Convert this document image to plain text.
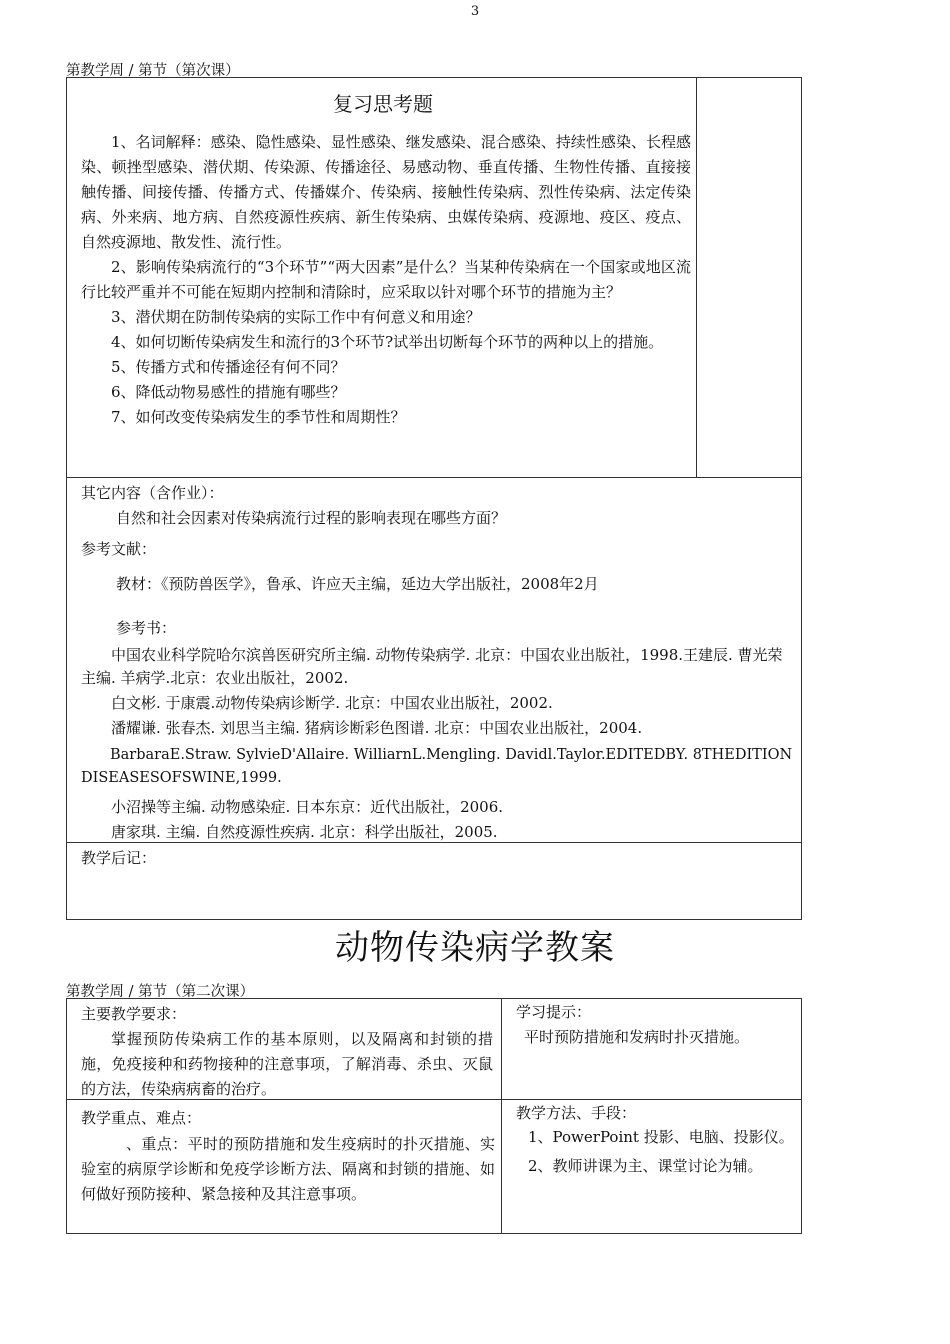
3
第教学周 / 第节（第次课）
复习思考题
1、名词解释：感染、隐性感染、显性感染、继发感染、混合感染、持续性感染、长程感染、顿挫型感染、潜伏期、传染源、传播途径、易感动物、垂直传播、生物性传播、直接接触传播、间接传播、传播方式、传播媒介、传染病、接触性传染病、烈性传染病、法定传染病、外来病、地方病、自然疫源性疾病、新生传染病、虫媒传染病、疫源地、疫区、疫点、自然疫源地、散发性、流行性。
2、影响传染病流行的“3个环节”“两大因素”是什么？当某种传染病在一个国家或地区流行比较严重并不可能在短期内控制和清除时，应采取以针对哪个环节的措施为主？
3、潜伏期在防制传染病的实际工作中有何意义和用途？
4、如何切断传染病发生和流行的3个环节?试举出切断每个环节的两种以上的措施。
5、传播方式和传播途径有何不同？
6、降低动物易感性的措施有哪些？
7、如何改变传染病发生的季节性和周期性？
其它内容（含作业）：
自然和社会因素对传染病流行过程的影响表现在哪些方面？
参考文献：
教材：《预防兽医学》，鲁承、许应天主编，延边大学出版社，2008年2月
参考书：
中国农业科学院哈尔滨兽医研究所主编. 动物传染病学. 北京：中国农业出版社，1998.王建辰. 曹光荣主编. 羊病学.北京：农业出版社，2002.
白文彬. 于康震.动物传染病诊断学. 北京：中国农业出版社，2002.
潘耀谦. 张春杰. 刘思当主编. 猪病诊断彩色图谱. 北京：中国农业出版社，2004.
BarbaraE.Straw. SylvieD'Allaire. WilliarnL.Mengling. Davidl.Taylor.EDITEDBY. 8THEDITIONDISEASESOFSWINE,1999.
小沼操等主编. 动物感染症. 日本东京：近代出版社，2006.
唐家琪. 主编. 自然疫源性疾病. 北京：科学出版社，2005.
教学后记：
动物传染病学教案
第教学周 / 第节（第二次课）
主要教学要求：
掌握预防传染病工作的基本原则，以及隔离和封锁的措施，免疫接种和药物接种的注意事项，了解消毒、杀虫、灭鼠的方法，传染病病畜的治疗。
学习提示：
平时预防措施和发病时扑灭措施。
教学重点、难点：
、重点：平时的预防措施和发生疫病时的扑灭措施、实验室的病原学诊断和免疫学诊断方法、隔离和封锁的措施、如何做好预防接种、紧急接种及其注意事项。
教学方法、手段：
1、PowerPoint 投影、电脑、投影仪。
2、教师讲课为主、课堂讨论为辅。
